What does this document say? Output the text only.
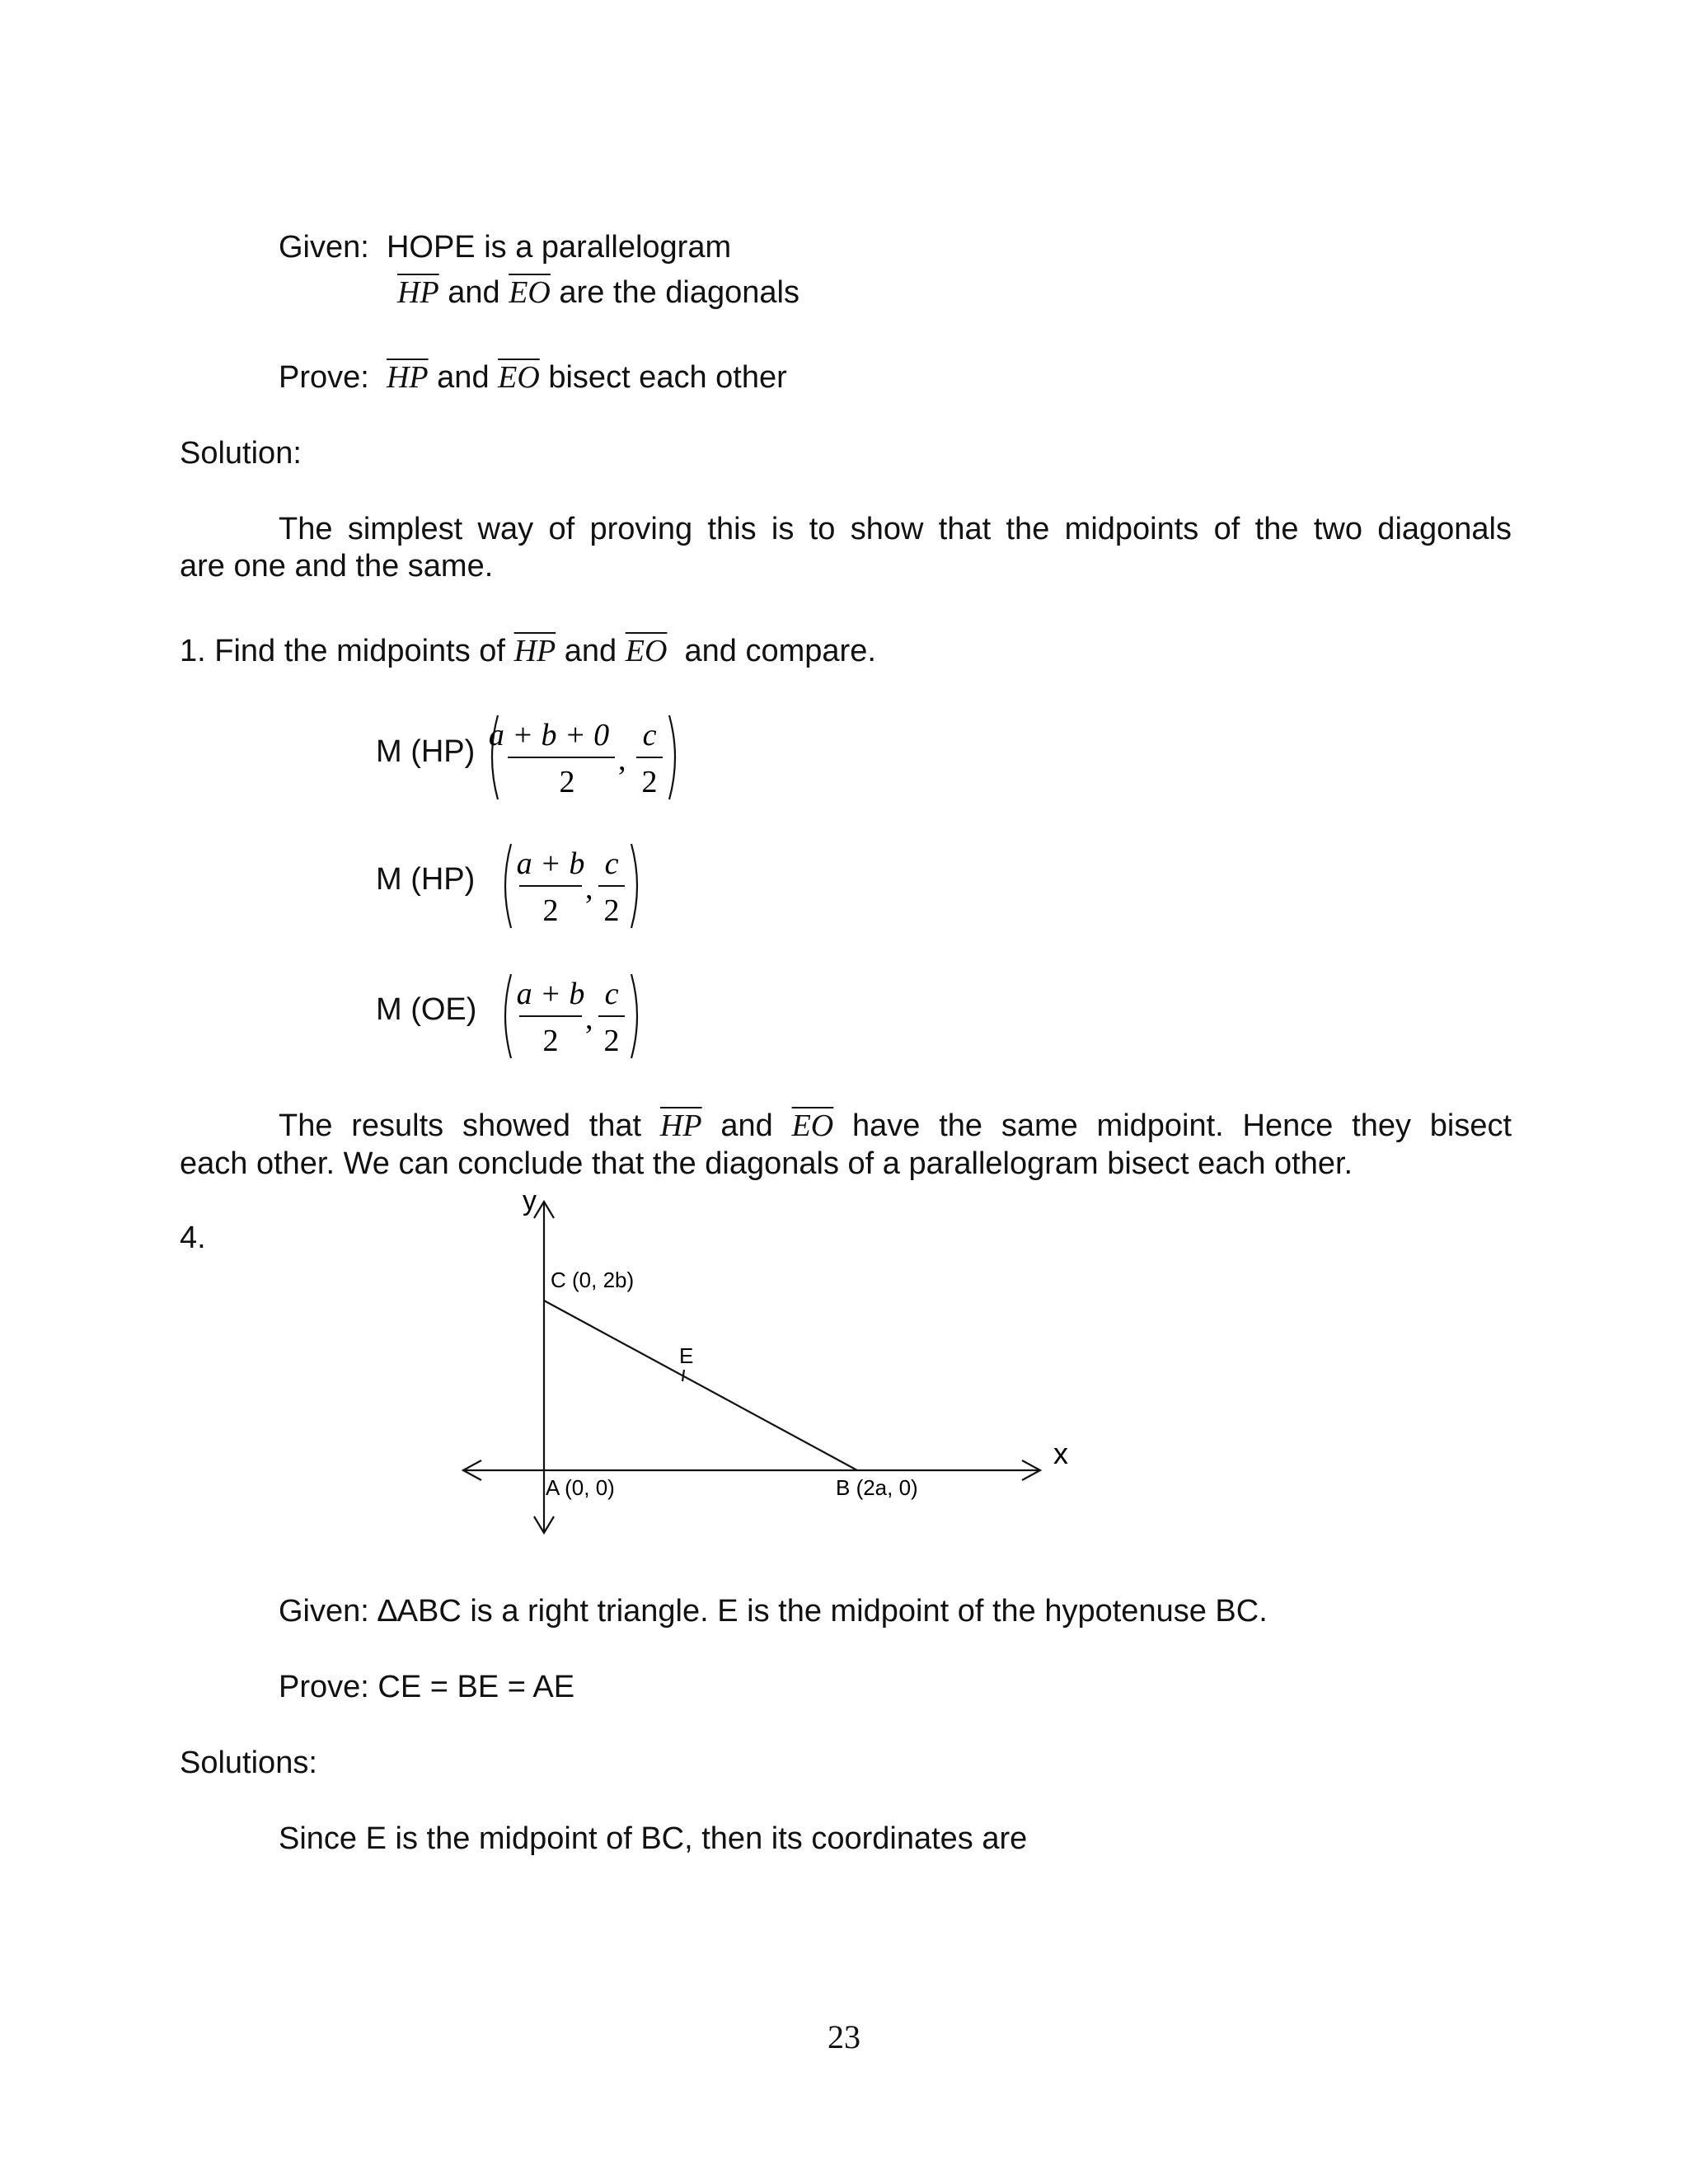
Given: HOPE is a parallelogram
$\overline{HP}$ and $\overline{EO}$ are the diagonals
Prove: $\overline{HP}$ and $\overline{EO}$ bisect each other
Solution:
The simplest way of proving this is to show that the midpoints of the two diagonals
are one and the same.
1. Find the midpoints of $\overline{HP}$ and $\overline{EO}$ and compare.
M (HP) a + b + 0
2
,
c
2
M (HP) a + b
2
,
c
2
M (OE) a + b
2
,
c
2
The results showed that $\overline{HP}$ and $\overline{EO}$ have the same midpoint. Hence they bisect
each other. We can conclude that the diagonals of a parallelogram bisect each other.
4.
y
x
C (0, 2b)
E
A (0, 0)	B (2a, 0)
Given: ∆ABC is a right triangle. E is the midpoint of the hypotenuse BC.
Prove: CE = BE = AE
Solutions:
Since E is the midpoint of BC, then its coordinates are
23
